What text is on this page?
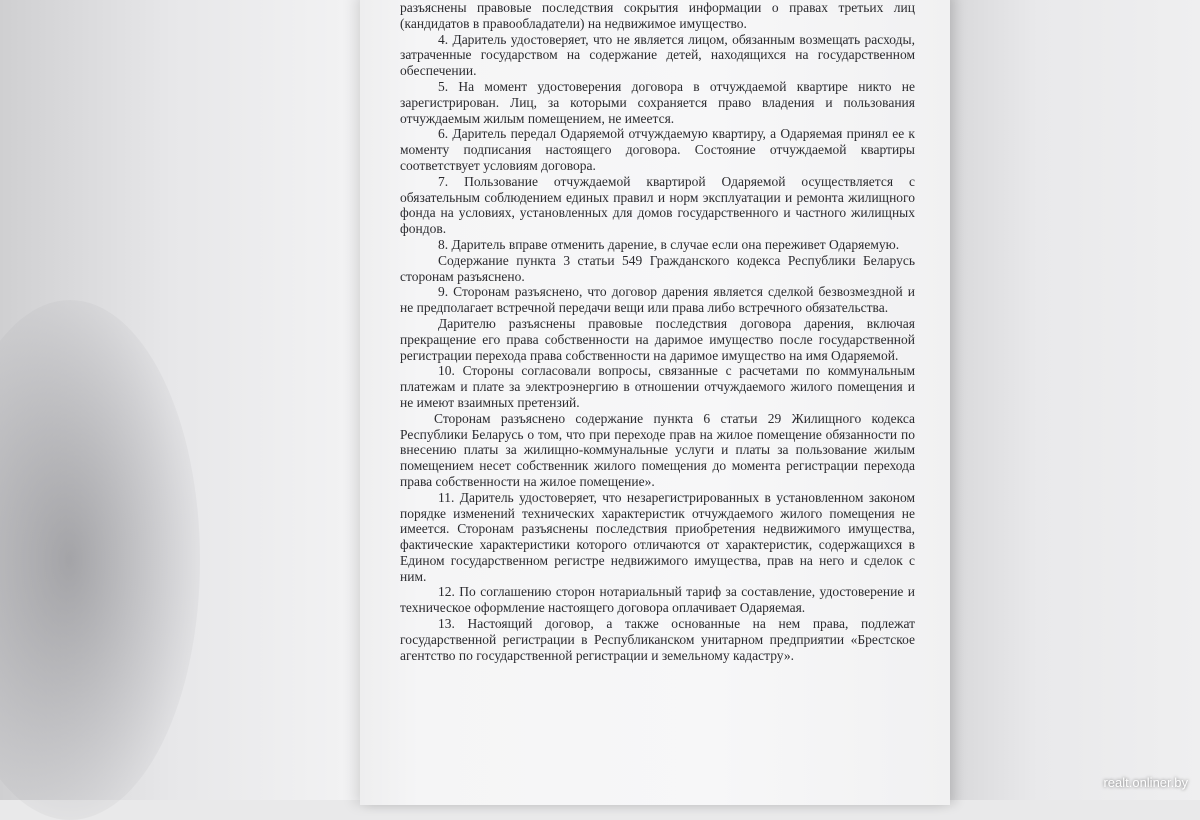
разъяснены правовые последствия сокрытия информации о правах третьих лиц (кандидатов в правообладатели) на недвижимое имущество.

4. Даритель удостоверяет, что не является лицом, обязанным возмещать расходы, затраченные государством на содержание детей, находящихся на государственном обеспечении.

5. На момент удостоверения договора в отчуждаемой квартире никто не зарегистрирован. Лиц, за которыми сохраняется право владения и пользования отчуждаемым жилым помещением, не имеется.

6. Даритель передал Одаряемой отчуждаемую квартиру, а Одаряемая принял ее к моменту подписания настоящего договора. Состояние отчуждаемой квартиры соответствует условиям договора.

7. Пользование отчуждаемой квартирой Одаряемой осуществляется с обязательным соблюдением единых правил и норм эксплуатации и ремонта жилищного фонда на условиях, установленных для домов государственного и частного жилищных фондов.

8. Даритель вправе отменить дарение, в случае если она переживет Одаряемую.

Содержание пункта 3 статьи 549 Гражданского кодекса Республики Беларусь сторонам разъяснено.

9. Сторонам разъяснено, что договор дарения является сделкой безвозмездной и не предполагает встречной передачи вещи или права либо встречного обязательства.

Дарителю разъяснены правовые последствия договора дарения, включая прекращение его права собственности на даримое имущество после государственной регистрации перехода права собственности на даримое имущество на имя Одаряемой.

10. Стороны согласовали вопросы, связанные с расчетами по коммунальным платежам и плате за электроэнергию в отношении отчуждаемого жилого помещения и не имеют взаимных претензий.

Сторонам разъяснено содержание пункта 6 статьи 29 Жилищного кодекса Республики Беларусь о том, что при переходе прав на жилое помещение обязанности по внесению платы за жилищно-коммунальные услуги и платы за пользование жилым помещением несет собственник жилого помещения до момента регистрации перехода права собственности на жилое помещение».

11. Даритель удостоверяет, что незарегистрированных в установленном законом порядке изменений технических характеристик отчуждаемого жилого помещения не имеется. Сторонам разъяснены последствия приобретения недвижимого имущества, фактические характеристики которого отличаются от характеристик, содержащихся в Едином государственном регистре недвижимого имущества, прав на него и сделок с ним.

12. По соглашению сторон нотариальный тариф за составление, удостоверение и техническое оформление настоящего договора оплачивает Одаряемая.

13. Настоящий договор, а также основанные на нем права, подлежат государственной регистрации в Республиканском унитарном предприятии «Брестское агентство по государственной регистрации и земельному кадастру».

realt.onliner.by
